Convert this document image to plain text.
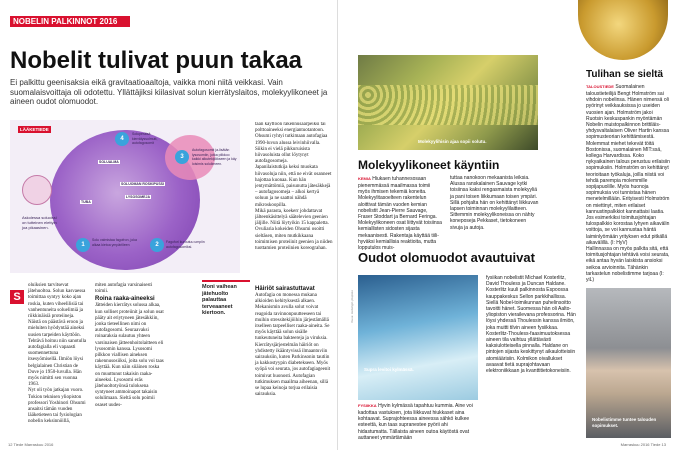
NOBELIN PALKINNOT 2016
Nobelit tulivat puun takaa
Ei palkittu geenisaksia eikä gravitaatioaaltoja, vaikka moni niitä veikkasi. Vain suomalaisvoittaja oli odotettu. Yllättäjiksi kiilasivat solun kierrätyslaitos, molekyylikoneet ja aineen oudot olomuodot.
LÄÄKETIEDE
Askolessa soluoissi on tutteinen elettyin joa pikaasinen.
SOLUALMA
SOLUOMAN ROSKIPUSSI
LYSOSOMEJA
TUBA
4
Soluperäisä kierrätyssolmutt, autofagosomit
3
Autofagosomit ja-lisätän lysosomiin, jotka pilkkoo kaikki alkutekijöikseen ja käy loisimis solulimeen.
1
Solu valmistaa fagofron, joka alkaa kietoa ympärilleen	2	Fagofori kuroutuu umpiin autofagosomiksi.
S

oluiksien tarvitsevat jätehuoltoa. Solun kasvaessa toimittaa syntyy koko ajan roskia, kuten viheelilisiä tai vanhentuneita soluelimiä ja riikkinäisiä proteiineja. Näistä on päästävä eroon ja mieluiten hyödyntää aineksi uusien tarpeiden käyttöön.

Tehtävä hoituu niin sanotulla autofagialla eli vapaasti suomennettuna itsesyömisellä. Ilmiön löysi belgialainen Christian de Duve jo 1950-luvulla. Hän myös nimitti sen vuonna 1963.

Nyt oli työn jatkajan vuoro. Tokion teknisen yliopiston professori Yoshinori Ohsumi ansaitsi tämän vuoden lääketieteen tai fysiologian nobelin keksinnöillä,

miten autofagia varsinaisesti toimii.

Roina raaka-aineeksi

Jätteiden kierrätys solussa alkaa, kun solliset proteiinit ja solun osat pääty ait eriytyneen jätesäkkiin, jonka tieteellinen nimi on autofagosomi. Seuraavaksi roinaraksia sulautuu yhteen varsinaisen jätteenhoitolaitteen eli lysosomin kanssa. Lysosomi pilkkoo viallisen aineksen rakennusosiiksi, joita solu voi taas käyttää. Kun näin siiäinen roska on muuttunut takaisin raaka-aineeksi. Lysosomi eräs jätehuoltotyönsä tuloksena syntyneet ammoinapot takaisin solulimaan. Sieltä solu poimii osaset uudes-

Moni vaihean jätehuolto palauttaa terveaaneet kiertoon.

taan käyttöön rakennusaarpeiksi tai polttoaineeksi energiantuotantoon.

Ohsumi ryhtyi tutkimaan autofagiaa 1990-luvun alussa leivinhiivalla. Siikin ei vielä pikkuruisista hiivasoluista ollut löytynyt autofagosomeja.

Japanilaistutkija keksi muokata hiivasoluja niin, että ne eivät osanneet hajottaa kuonaa. Kun hän jentymättömiä, paisunutta jätesäkkejä – autofagosomeja – alkoi kertyä soluun ja ne saattoi nähdä mikroskoopilla.

Mikä parasta, koekerr johdattavat jälteenkäsittelyä säätelevien geenien jäljille. Niitä löytyikin 15 kappaletta. Ovuliaria kokeiden Ohsumi osoitti sieltäsen, miten mutkikkaana toimimisen proteiinit geenien ja niiden tuottamien proteiinien koreograhan.

Häiriöt sairastuttavat

Autofagia on monessa mukana alkioiden kehityksestä alkaen. Mekanismin avulla solut voivat reagoida ravinnonpuutteeseen tai muihin stressitekijöihin järjestämällä itselleen tarpeelliset raaka-aineita. Se myös käyttää solun sisälle tunkeutuneita bakteereja ja viruksia. Kierrätysjärjestelmän häiriöt on yhdistetty ikääntyvissä ilmaantuviin sairauksiin, kuten Parkinsonin tautiin ja kakkostyypin diabetekseen. Myös syöpä voi seurata, jos autofagiageenit toimivat huonosti. Autofagian tutkimuksen maailma aiheenan, sillä se lupaa keinoja torjua erilaisia sairauksia.

12 Tiede Marraskuu 2016
Molekyylihisin ajaa sopii solutu.
Molekyylikoneet käyntiin
KEMIA Hiukaen tuhannesosaan pienemmässä maailmassa toimii myös ihmisen tekemiä koneita. Molekyylitasoelteen rakentelun aloittivat tämän vuoden kemian nobelistit Jean-Pierre Sauvage, Fraser Stoddart ja Bernard Feringa. Molekyylikoneen osat liittyvät toisiinsa kemiallisten sidosten sijasta mekaanisesti. Rakentaja käyttää tiili-hyväksi kemiallisia reaktioita, mutta lopputulos muis-
tuttaa nanokoon mekaanista leiksia. Alussa ranskalainen Sauvage kytki toisiinsa kaksi rengasmaista molekyyliä ja pani toisen liikkumaan toisen ympäri. Sillä pohjalta hän on kehittänyt liikkuvan lapsen toiminnan molekyylilaitteen. Sittemmin molekyylikoneissa on nähty koneposeja Pekkaset, tietokoneen sivuja ja autoja.
Oudot olomuodot avautuivat
Supra levitoi kylmässä.
Kuva: Helsingin yliopisto
FYSIIKKA Hyvin kylmässä tapahtuu kummia. Aine voi kadottaa vastuksen, jota liikkuvat hiukkaset aina kohtaavat. Suprajohteessa aineessa sähkö kulkee esteettä, kun taas supranestee pyörii ahi hidastumatta. Tällaista aineen outoa käytöstä ovat auttaneet ymmärtämään
fysiikan nobelistit Michael Kosterlitz, David Thouless ja Duncan Haldane. Kosterlitz kuuli palkinnosta Espoossa kauppakeskus Sellon parkkihallissa. Siellä Nobel-toimikunnan puhelinsoitto tavoitti hänet. Suomessa hän oli Aalto-yliopiston vierailevana professorina. Hän löysi yhdessä Thoulessin kanssa ilmiön, joka muitti tilvin aineen fysiikkaa. Kosterlitz-Thouless-faasimuutoksessa aineen tila vaihtuu yllättävästi kaksiulotteisella pinnalla. Haldane on pintojen sijasta keskittynyt aikaulotteisiin atomiäärisiin. Kolmikon oivallukset avaavat tietä suprajohtavaan elektroniikkaan ja kvanttitietokoneisiin.
Tulihan se sieltä
TALOUSTIEDE Suomalainen taloustieteilijä Bengt Holmström sai vihdoin nobelinsa. Hänen nimensä oli pyörinyt veikkauksissa jo useiden vuosien ajan. Holmström jakoi Ruotsin keskuspankin myöntämän Nobelin muistopalkinnon brittiläis-yhdysvaltalaisen Oliver Hartin kanssa sopimusteorian kehittämisestä. Molemmat miehet tekevät töitä Bostonissa, suomalainen MIT:ssä, kollega Harvardissa. Koko nykyaikainen talous perustuu erilaisiin sopimuksiin. Holmström on kehittänyt teorioitaan työkaluja, joilla niistä voi tehdä parempia molemmille sopijapuolille. Myös huonoja sopimuksia voi tunnistaa hänen menetelmillään. Erityisesti Holmström on miettinyt, miten erilaiset kannustinpalkkiot kannattaisi laatia. Jos esimerkiksi toimitusjohtajan tulospalkkio korostaa lyhyen aikavälin voittoja, se voi kannustaa häntä laiminlyömään yrityksen edut pitkällä aikavälillä. (I: HyV)

Hallinnassa on myös palkita sitä, että toimitusjohtajan tehtävä voisi seurata, eikä antaa hyvän laiskista ansioksi seikoa arvioinnita. Tähänkin tarkastelun nobelistimme tarjoaa (I: yiL)

Nobelistimme tuntee talouden sopimukset.
Marraskuu 2016 Tiede 13
